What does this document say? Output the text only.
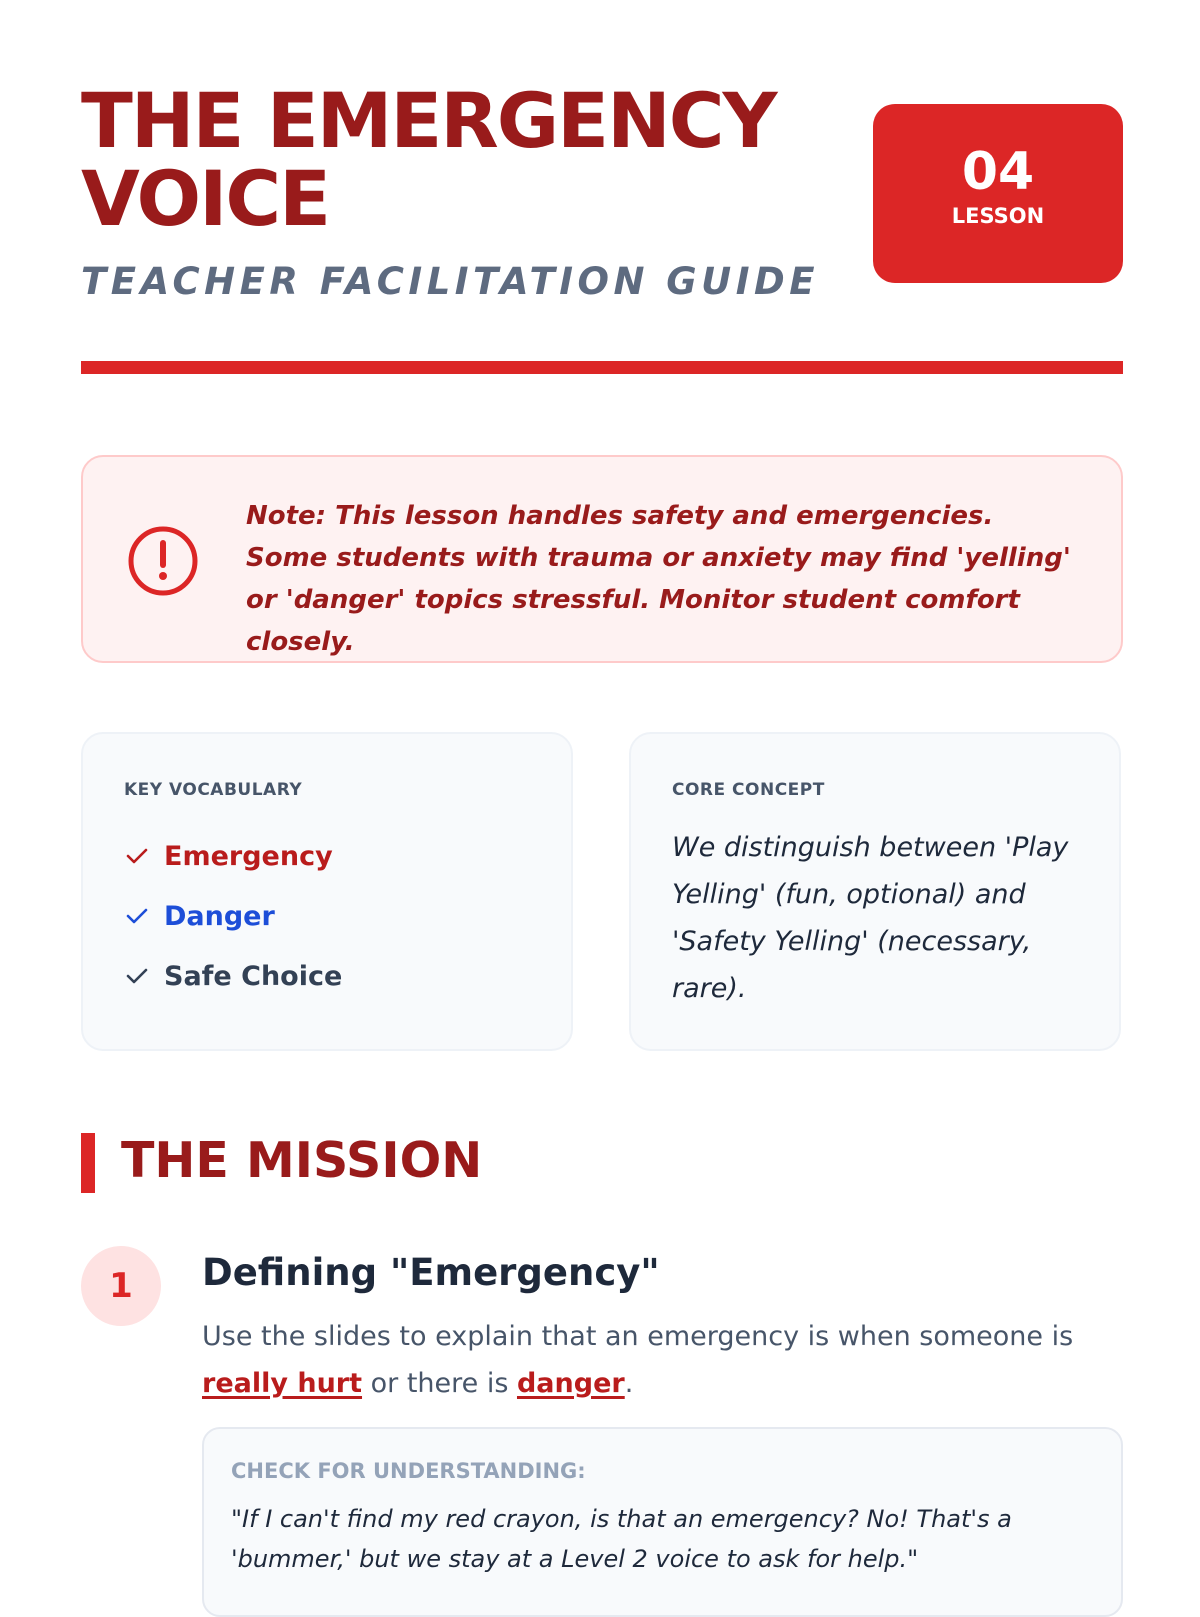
THE EMERGENCY VOICE
TEACHER FACILITATION GUIDE
04
LESSON

Note: This lesson handles safety and emergencies. Some students with trauma or anxiety may find 'yelling' or 'danger' topics stressful. Monitor student comfort closely.

KEY VOCABULARY
Emergency
Danger
Safe Choice
CORE CONCEPT

We distinguish between 'Play Yelling' (fun, optional) and 'Safety Yelling' (necessary, rare).

THE MISSION
1	Defining "Emergency"

Use the slides to explain that an emergency is when someone is really hurt or there is danger.

CHECK FOR UNDERSTANDING:

"If I can't find my red crayon, is that an emergency? No! That's a 'bummer,' but we stay at a Level 2 voice to ask for help."
